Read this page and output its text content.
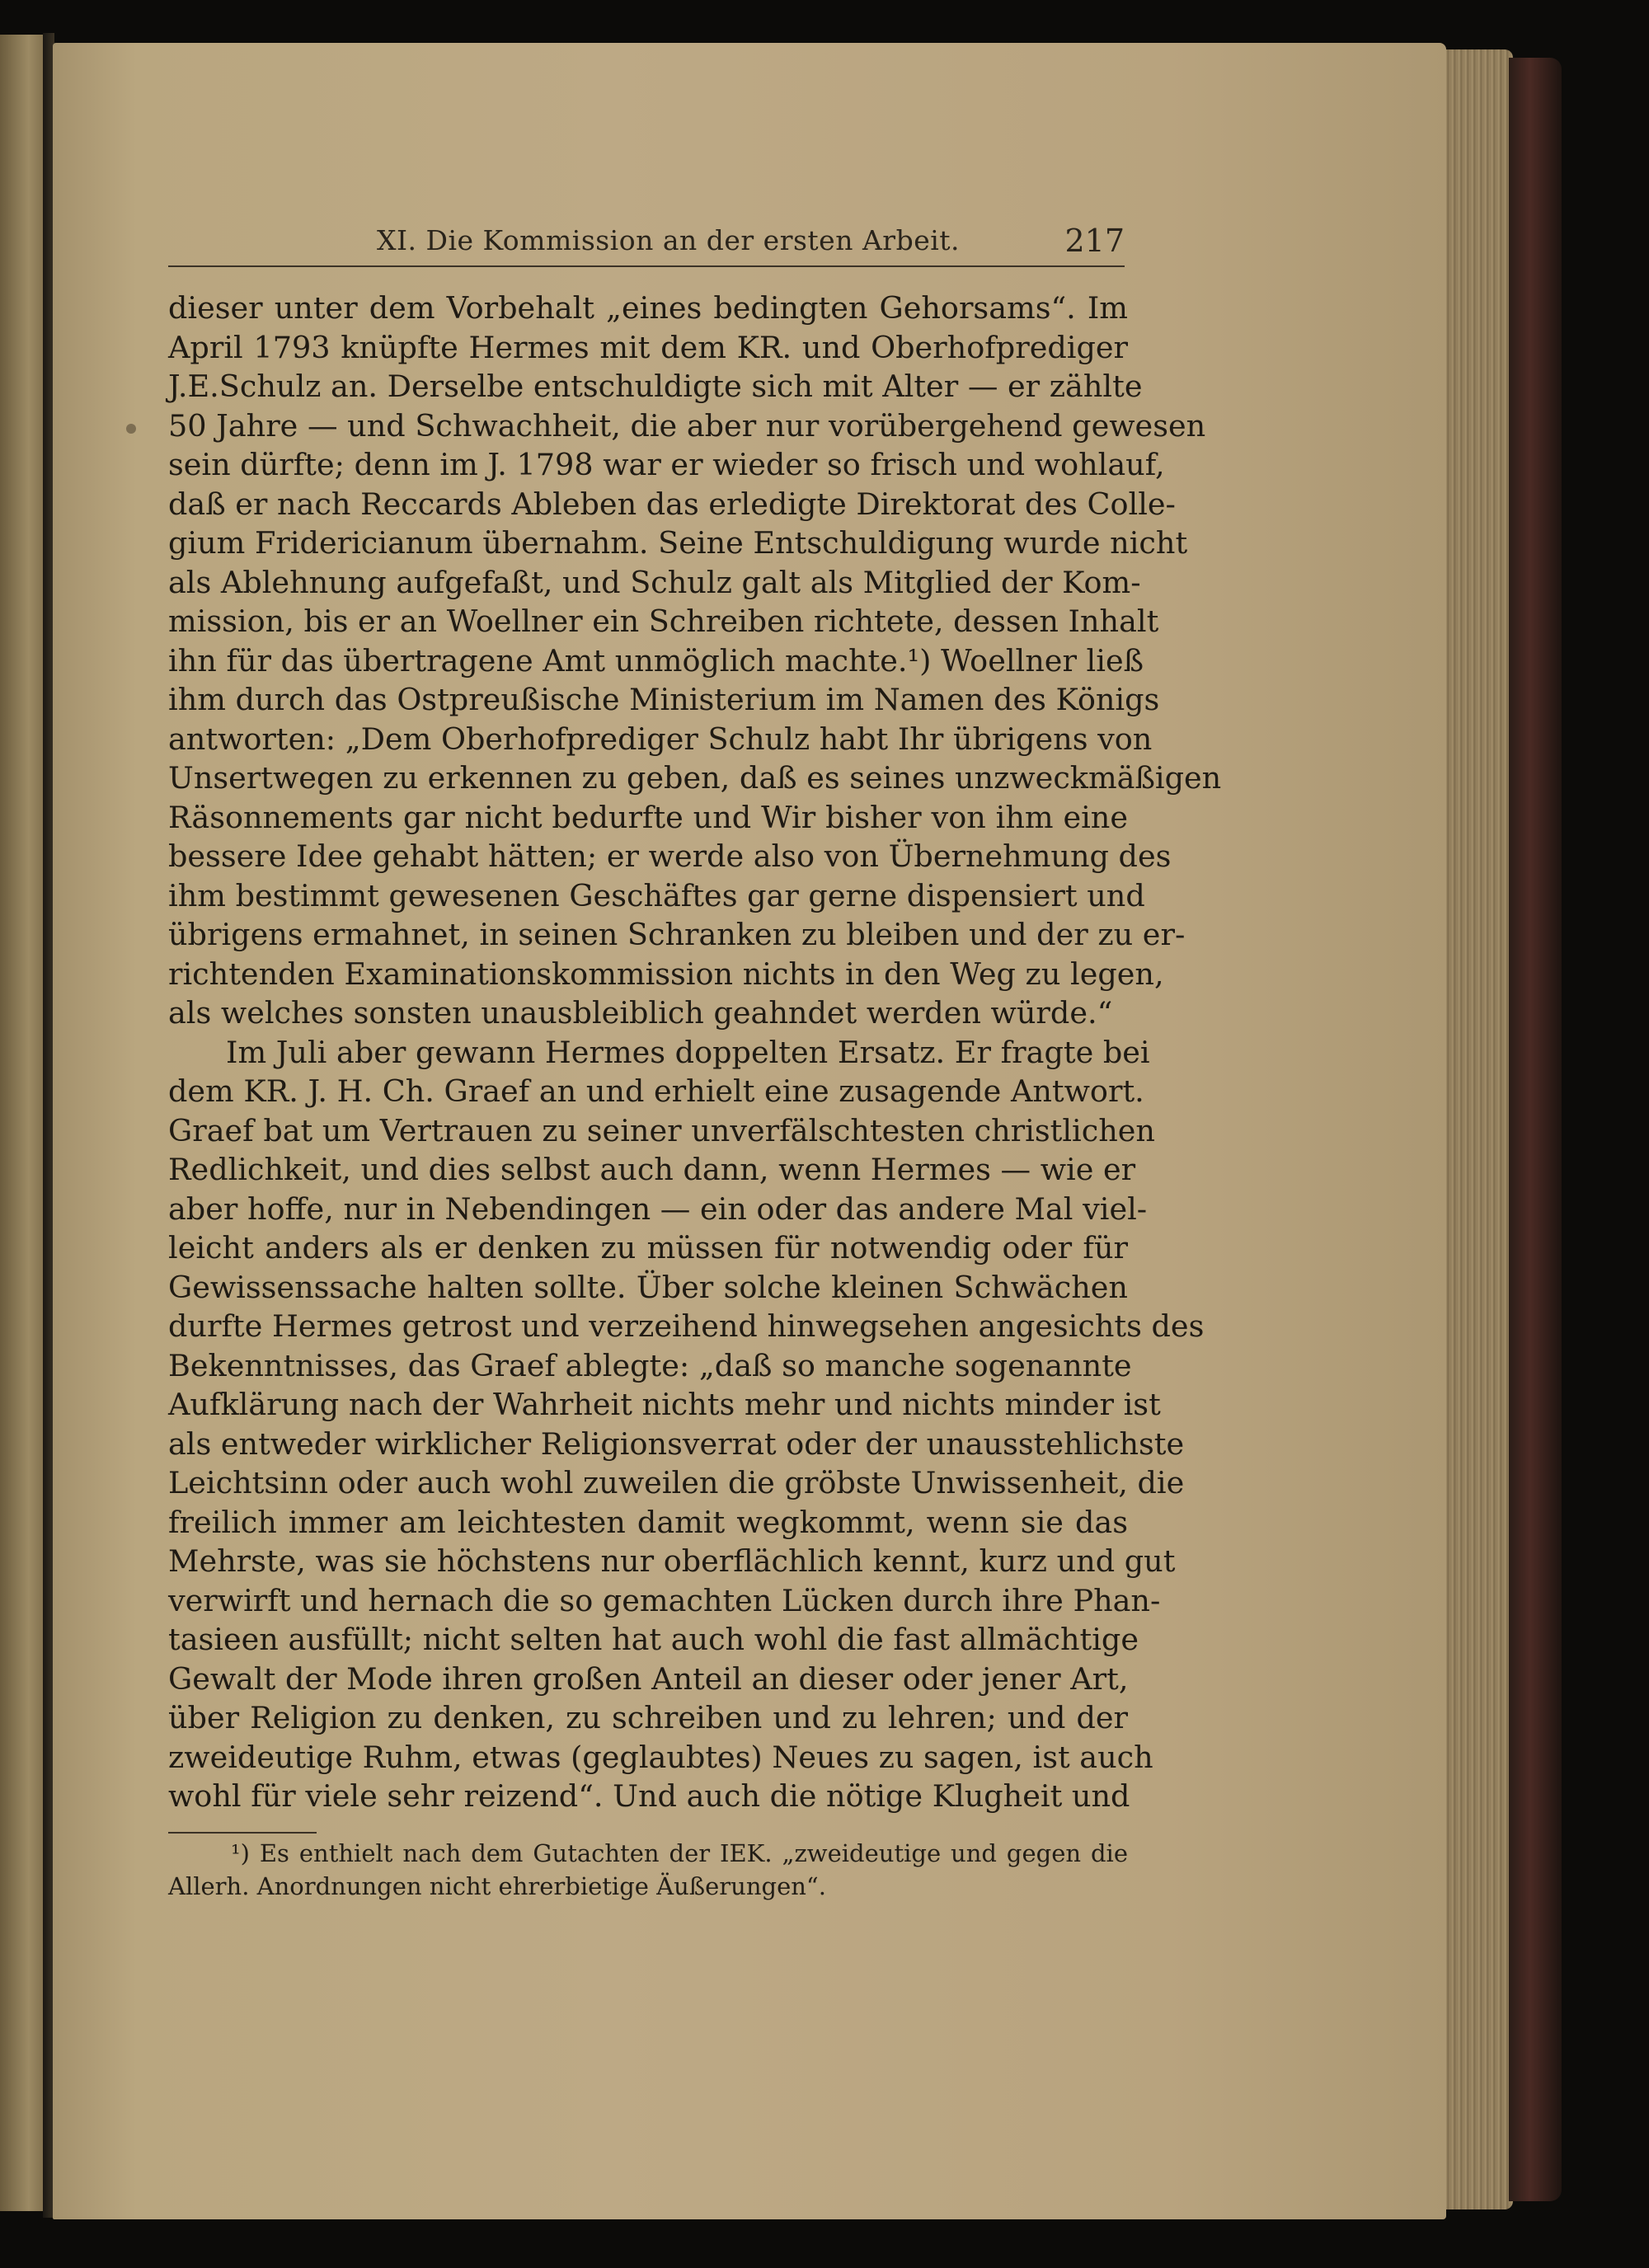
XI. Die Kommission an der ersten Arbeit.	217
dieser unter dem Vorbehalt „eines bedingten Gehorsams“. Im
April 1793 knüpfte Hermes mit dem KR. und Oberhofprediger
J.E.Schulz an. Derselbe entschuldigte sich mit Alter — er zählte
50 Jahre — und Schwachheit, die aber nur vorübergehend gewesen
sein dürfte; denn im J. 1798 war er wieder so frisch und wohlauf,
daß er nach Reccards Ableben das erledigte Direktorat des Colle-
gium Fridericianum übernahm. Seine Entschuldigung wurde nicht
als Ablehnung aufgefaßt, und Schulz galt als Mitglied der Kom-
mission, bis er an Woellner ein Schreiben richtete, dessen Inhalt
ihn für das übertragene Amt unmöglich machte.¹) Woellner ließ
ihm durch das Ostpreußische Ministerium im Namen des Königs
antworten: „Dem Oberhofprediger Schulz habt Ihr übrigens von
Unsertwegen zu erkennen zu geben, daß es seines unzweckmäßigen
Räsonnements gar nicht bedurfte und Wir bisher von ihm eine
bessere Idee gehabt hätten; er werde also von Übernehmung des
ihm bestimmt gewesenen Geschäftes gar gerne dispensiert und
übrigens ermahnet, in seinen Schranken zu bleiben und der zu er-
richtenden Examinationskommission nichts in den Weg zu legen,
als welches sonsten unausbleiblich geahndet werden würde.“
Im Juli aber gewann Hermes doppelten Ersatz. Er fragte bei
dem KR. J. H. Ch. Graef an und erhielt eine zusagende Antwort.
Graef bat um Vertrauen zu seiner unverfälschtesten christlichen
Redlichkeit, und dies selbst auch dann, wenn Hermes — wie er
aber hoffe, nur in Nebendingen — ein oder das andere Mal viel-
leicht anders als er denken zu müssen für notwendig oder für
Gewissenssache halten sollte. Über solche kleinen Schwächen
durfte Hermes getrost und verzeihend hinwegsehen angesichts des
Bekenntnisses, das Graef ablegte: „daß so manche sogenannte
Aufklärung nach der Wahrheit nichts mehr und nichts minder ist
als entweder wirklicher Religionsverrat oder der unausstehlichste
Leichtsinn oder auch wohl zuweilen die gröbste Unwissenheit, die
freilich immer am leichtesten damit wegkommt, wenn sie das
Mehrste, was sie höchstens nur oberflächlich kennt, kurz und gut
verwirft und hernach die so gemachten Lücken durch ihre Phan-
tasieen ausfüllt; nicht selten hat auch wohl die fast allmächtige
Gewalt der Mode ihren großen Anteil an dieser oder jener Art,
über Religion zu denken, zu schreiben und zu lehren; und der
zweideutige Ruhm, etwas (geglaubtes) Neues zu sagen, ist auch
wohl für viele sehr reizend“. Und auch die nötige Klugheit und
¹) Es enthielt nach dem Gutachten der IEK. „zweideutige und gegen die
Allerh. Anordnungen nicht ehrerbietige Äußerungen“.
